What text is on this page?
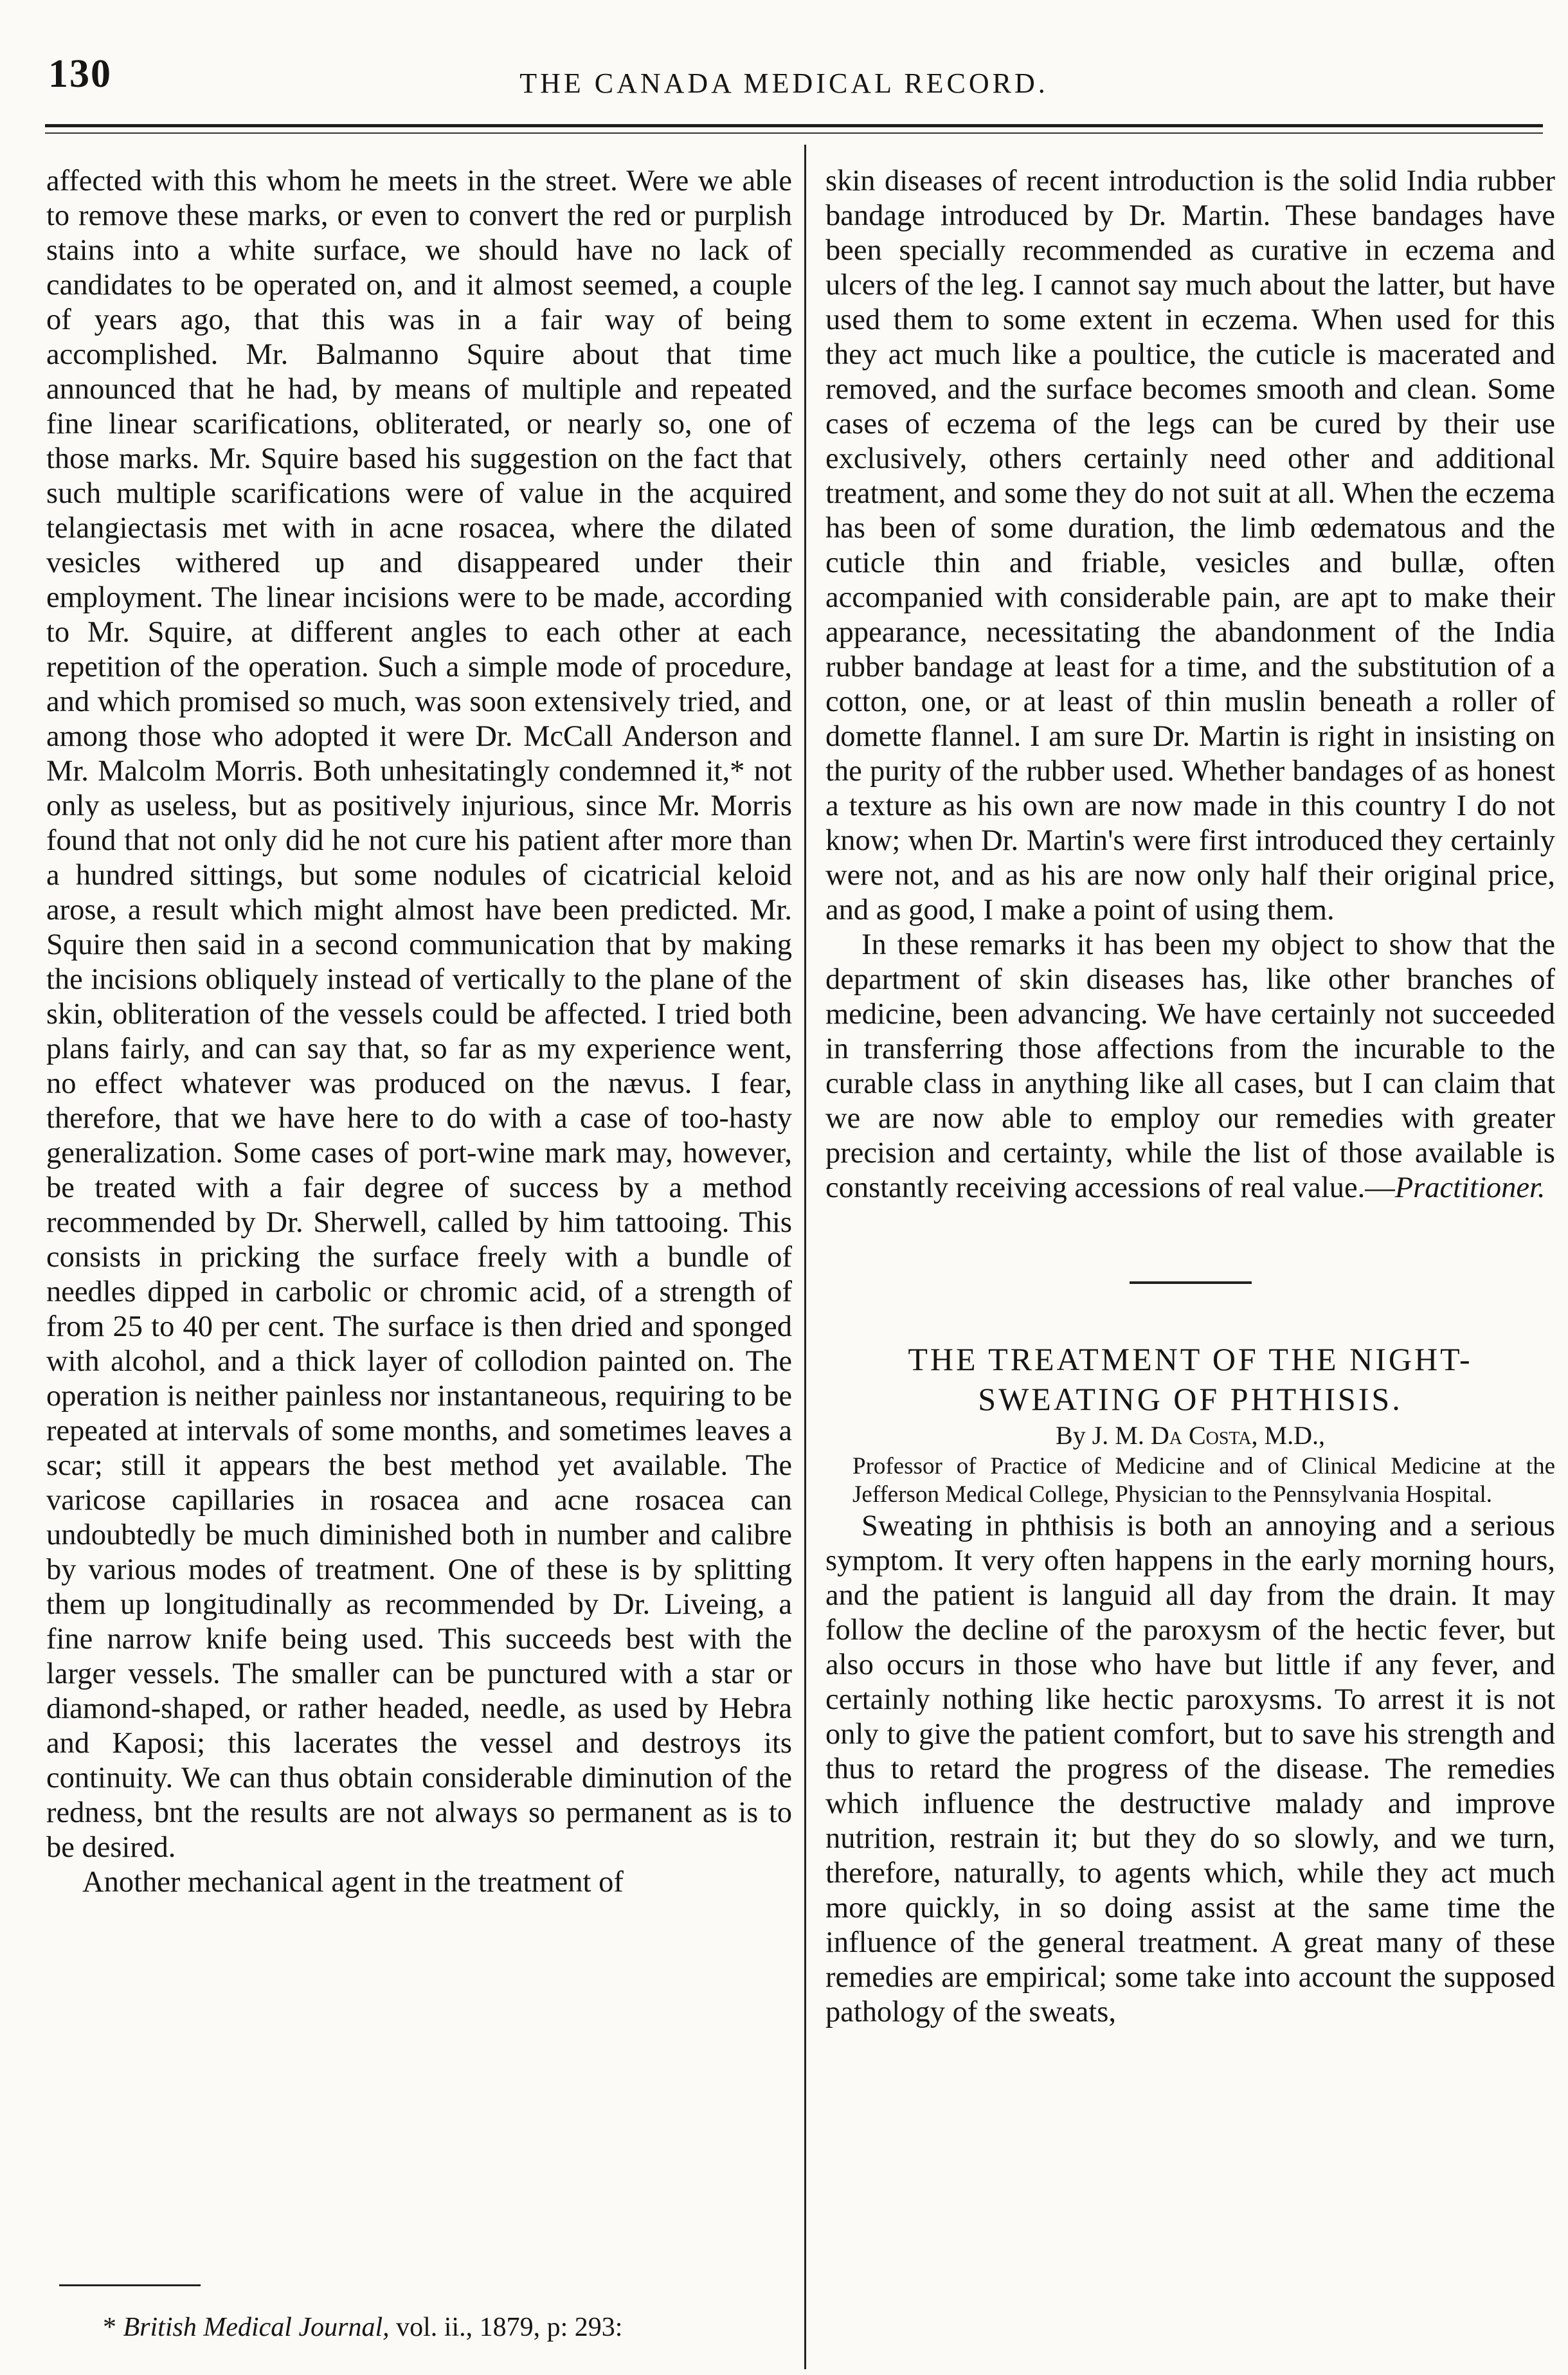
130	THE CANADA MEDICAL RECORD.

affected with this whom he meets in the street. Were we able to remove these marks, or even to convert the red or purplish stains into a white surface, we should have no lack of candidates to be operated on, and it almost seemed, a couple of years ago, that this was in a fair way of being accomplished. Mr. Balmanno Squire about that time announced that he had, by means of multiple and repeated fine linear scarifications, obliterated, or nearly so, one of those marks. Mr. Squire based his suggestion on the fact that such multiple scarifications were of value in the acquired telangiectasis met with in acne rosacea, where the dilated vesicles withered up and disappeared under their employment. The linear incisions were to be made, according to Mr. Squire, at different angles to each other at each repetition of the operation. Such a simple mode of procedure, and which promised so much, was soon extensively tried, and among those who adopted it were Dr. McCall Anderson and Mr. Malcolm Morris. Both unhesitatingly condemned it,* not only as useless, but as positively injurious, since Mr. Morris found that not only did he not cure his patient after more than a hundred sittings, but some nodules of cicatricial keloid arose, a result which might almost have been predicted. Mr. Squire then said in a second communication that by making the incisions obliquely instead of vertically to the plane of the skin, obliteration of the vessels could be affected. I tried both plans fairly, and can say that, so far as my experience went, no effect whatever was produced on the nævus. I fear, therefore, that we have here to do with a case of too-hasty generalization. Some cases of port-wine mark may, however, be treated with a fair degree of success by a method recommended by Dr. Sherwell, called by him tattooing. This consists in pricking the surface freely with a bundle of needles dipped in carbolic or chromic acid, of a strength of from 25 to 40 per cent. The surface is then dried and sponged with alcohol, and a thick layer of collodion painted on. The operation is neither painless nor instantaneous, requiring to be repeated at intervals of some months, and sometimes leaves a scar; still it appears the best method yet available. The varicose capillaries in rosacea and acne rosacea can undoubtedly be much diminished both in number and calibre by various modes of treatment. One of these is by splitting them up longitudinally as recommended by Dr. Liveing, a fine narrow knife being used. This succeeds best with the larger vessels. The smaller can be punctured with a star or diamond-shaped, or rather headed, needle, as used by Hebra and Kaposi; this lacerates the vessel and destroys its continuity. We can thus obtain considerable diminution of the redness, bnt the results are not always so permanent as is to be desired.

Another mechanical agent in the treatment of

* British Medical Journal, vol. ii., 1879, p: 293:

skin diseases of recent introduction is the solid India rubber bandage introduced by Dr. Martin. These bandages have been specially recommended as curative in eczema and ulcers of the leg. I cannot say much about the latter, but have used them to some extent in eczema. When used for this they act much like a poultice, the cuticle is macerated and removed, and the surface becomes smooth and clean. Some cases of eczema of the legs can be cured by their use exclusively, others certainly need other and additional treatment, and some they do not suit at all. When the eczema has been of some duration, the limb œdematous and the cuticle thin and friable, vesicles and bullæ, often accompanied with considerable pain, are apt to make their appearance, necessitating the abandonment of the India rubber bandage at least for a time, and the substitution of a cotton, one, or at least of thin muslin beneath a roller of domette flannel. I am sure Dr. Martin is right in insisting on the purity of the rubber used. Whether bandages of as honest a texture as his own are now made in this country I do not know; when Dr. Martin's were first introduced they certainly were not, and as his are now only half their original price, and as good, I make a point of using them.

In these remarks it has been my object to show that the department of skin diseases has, like other branches of medicine, been advancing. We have certainly not succeeded in transferring those affections from the incurable to the curable class in anything like all cases, but I can claim that we are now able to employ our remedies with greater precision and certainty, while the list of those available is constantly receiving accessions of real value.—Practitioner.

THE TREATMENT OF THE NIGHT-SWEATING OF PHTHISIS.

By J. M. Da Costa, M.D.,

Professor of Practice of Medicine and of Clinical Medicine at the Jefferson Medical College, Physician to the Pennsylvania Hospital.

Sweating in phthisis is both an annoying and a serious symptom. It very often happens in the early morning hours, and the patient is languid all day from the drain. It may follow the decline of the paroxysm of the hectic fever, but also occurs in those who have but little if any fever, and certainly nothing like hectic paroxysms. To arrest it is not only to give the patient comfort, but to save his strength and thus to retard the progress of the disease. The remedies which influence the destructive malady and improve nutrition, restrain it; but they do so slowly, and we turn, therefore, naturally, to agents which, while they act much more quickly, in so doing assist at the same time the influence of the general treatment. A great many of these remedies are empirical; some take into account the supposed pathology of the sweats,
